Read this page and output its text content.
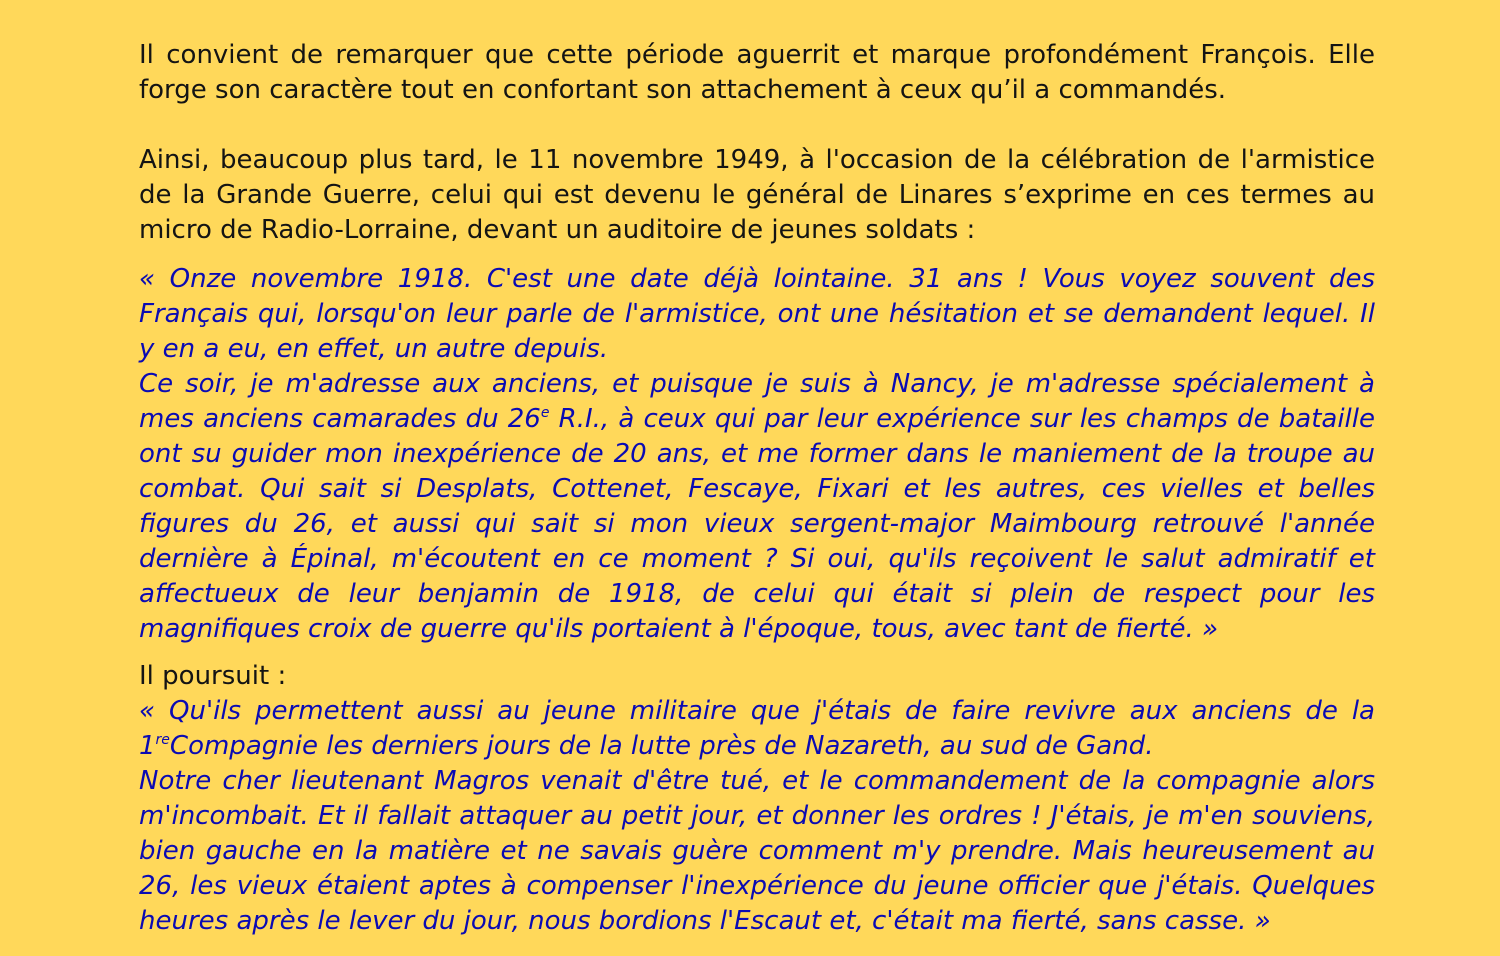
Il convient de remarquer que cette période aguerrit et marque profondément François. Elle forge son caractère tout en confortant son attachement à ceux qu’il a commandés.

Ainsi, beaucoup plus tard, le 11 novembre 1949, à l'occasion de la célébration de l'armistice de la Grande Guerre, celui qui est devenu le général de Linares s’exprime en ces termes au micro de Radio-Lorraine, devant un auditoire de jeunes soldats :

« Onze novembre 1918. C'est une date déjà lointaine. 31 ans ! Vous voyez souvent des Français qui, lorsqu'on leur parle de l'armistice, ont une hésitation et se demandent lequel. Il y en a eu, en effet, un autre depuis.

Ce soir, je m'adresse aux anciens, et puisque je suis à Nancy, je m'adresse spécialement à mes anciens camarades du 26e R.I., à ceux qui par leur expérience sur les champs de bataille ont su guider mon inexpérience de 20 ans, et me former dans le maniement de la troupe au combat. Qui sait si Desplats, Cottenet, Fescaye, Fixari et les autres, ces vielles et belles figures du 26, et aussi qui sait si mon vieux sergent-major Maimbourg retrouvé l'année dernière à Épinal, m'écoutent en ce moment ? Si oui, qu'ils reçoivent le salut admiratif et affectueux de leur benjamin de 1918, de celui qui était si plein de respect pour les magnifiques croix de guerre qu'ils portaient à l'époque, tous, avec tant de fierté. »

Il poursuit :

« Qu'ils permettent aussi au jeune militaire que j'étais de faire revivre aux anciens de la 1reCompagnie les derniers jours de la lutte près de Nazareth, au sud de Gand.

Notre cher lieutenant Magros venait d'être tué, et le commandement de la compagnie alors m'incombait. Et il fallait attaquer au petit jour, et donner les ordres ! J'étais, je m'en souviens, bien gauche en la matière et ne savais guère comment m'y prendre. Mais heureusement au 26, les vieux étaient aptes à compenser l'inexpérience du jeune officier que j'étais. Quelques heures après le lever du jour, nous bordions l'Escaut et, c'était ma fierté, sans casse. »
